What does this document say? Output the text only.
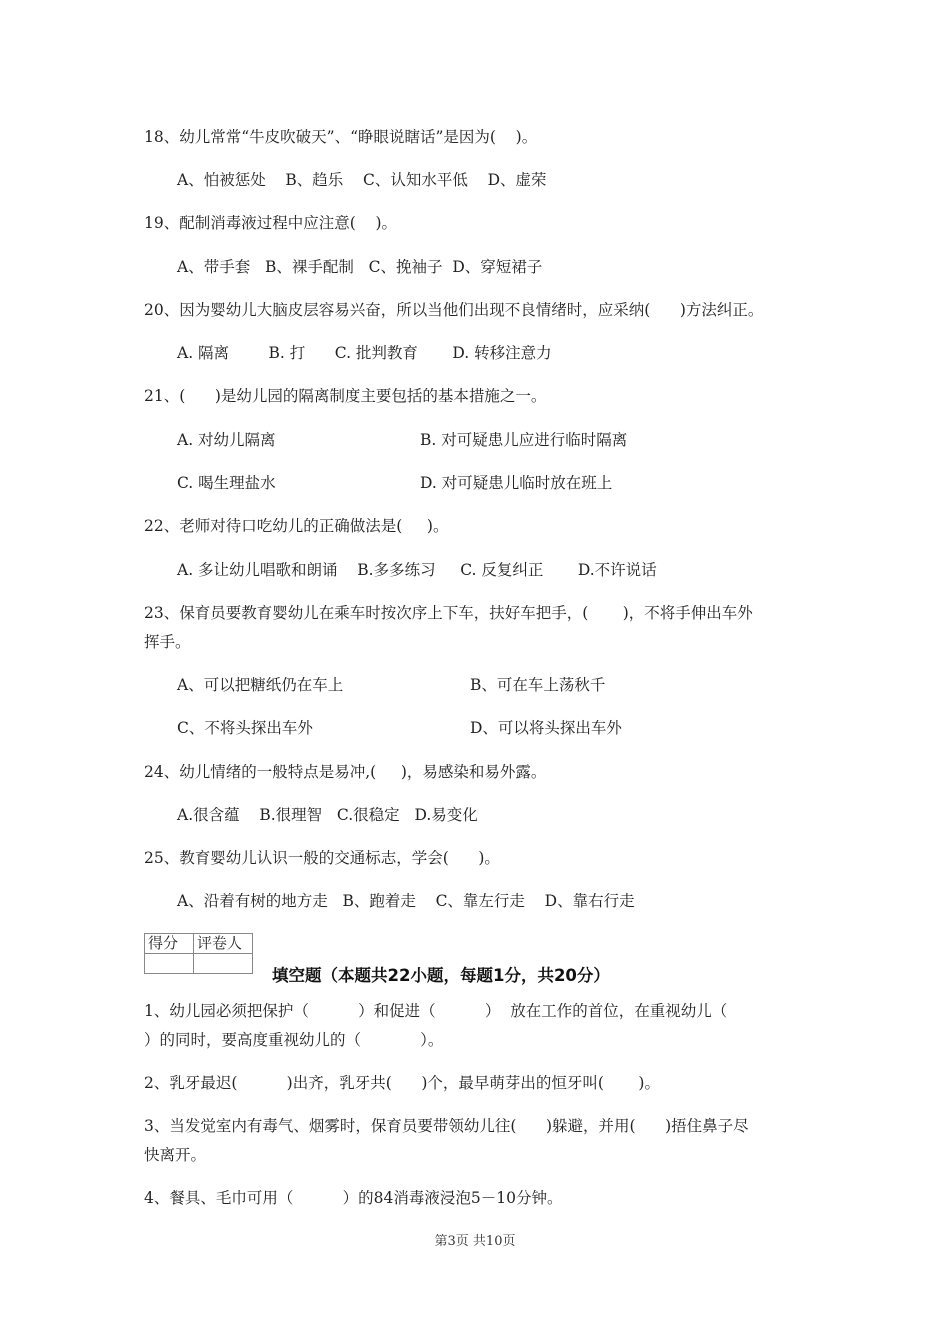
18、幼儿常常“牛皮吹破天”、“睁眼说瞎话”是因为(    )。
A、怕被惩处    B、趋乐    C、认知水平低    D、虚荣
19、配制消毒液过程中应注意(    )。
A、带手套   B、裸手配制   C、挽袖子  D、穿短裙子
20、因为婴幼儿大脑皮层容易兴奋，所以当他们出现不良情绪时，应采纳(      )方法纠正。
A. 隔离        B. 打      C. 批判教育       D. 转移注意力
21、(      )是幼儿园的隔离制度主要包括的基本措施之一。
A. 对幼儿隔离	B. 对可疑患儿应进行临时隔离
C. 喝生理盐水	D. 对可疑患儿临时放在班上
22、老师对待口吃幼儿的正确做法是(     )。
A. 多让幼儿唱歌和朗诵    B.多多练习     C. 反复纠正       D.不许说话
23、保育员要教育婴幼儿在乘车时按次序上下车，扶好车把手，(       )，不将手伸出车外
挥手。
A、可以把糖纸仍在车上	B、可在车上荡秋千
C、不将头探出车外	D、可以将头探出车外
24、幼儿情绪的一般特点是易冲,(     )，易感染和易外露。
A.很含蕴    B.很理智   C.很稳定   D.易变化
25、教育婴幼儿认识一般的交通标志，学会(      )。
A、沿着有树的地方走   B、跑着走    C、靠左行走    D、靠右行走
得分	评卷人

填空题（本题共22小题，每题1分，共20分）
1、幼儿园必须把保护（          ）和促进（          ）  放在工作的首位，在重视幼儿（
）的同时，要高度重视幼儿的（            ）。
2、乳牙最迟(          )出齐，乳牙共(      )个，最早萌芽出的恒牙叫(       )。
3、当发觉室内有毒气、烟雾时，保育员要带领幼儿往(      )躲避，并用(      )捂住鼻子尽
快离开。
4、餐具、毛巾可用（          ）的84消毒液浸泡5－10分钟。
第3页 共10页
